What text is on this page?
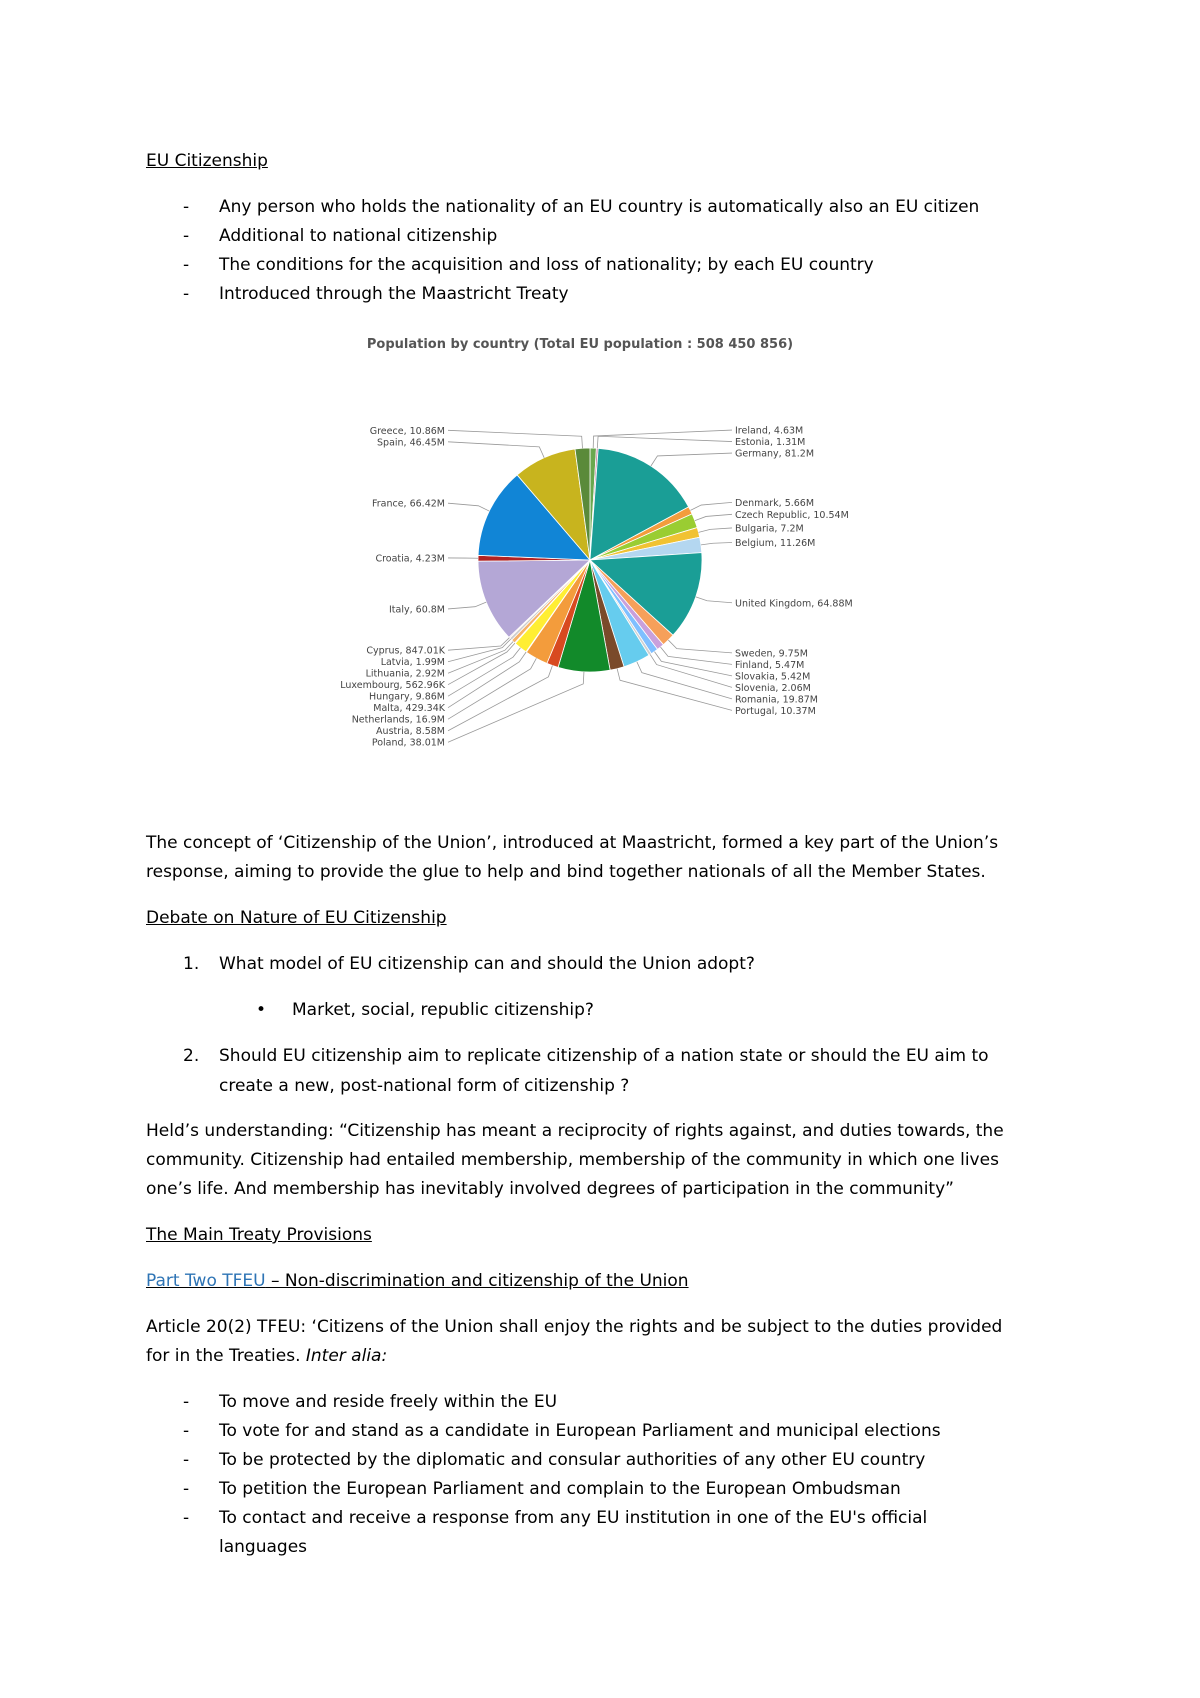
EU Citizenship
- Any person who holds the nationality of an EU country is automatically also an EU citizen
- Additional to national citizenship
- The conditions for the acquisition and loss of nationality; by each EU country
- Introduced through the Maastricht Treaty
Population by country (Total EU population : 508 450 856)
Ireland, 4.63M
Estonia, 1.31M
Germany, 81.2M
Denmark, 5.66M
Czech Republic, 10.54M
Bulgaria, 7.2M
Belgium, 11.26M
United Kingdom, 64.88M
Sweden, 9.75M
Finland, 5.47M
Slovakia, 5.42M
Slovenia, 2.06M
Romania, 19.87M
Portugal, 10.37M
Greece, 10.86M
Spain, 46.45M
France, 66.42M
Croatia, 4.23M
Italy, 60.8M
Cyprus, 847.01K
Latvia, 1.99M
Lithuania, 2.92M
Luxembourg, 562.96K
Hungary, 9.86M
Malta, 429.34K
Netherlands, 16.9M
Austria, 8.58M
Poland, 38.01M
The concept of ‘Citizenship of the Union’, introduced at Maastricht, formed a key part of the Union’s
response, aiming to provide the glue to help and bind together nationals of all the Member States.
Debate on Nature of EU Citizenship
1. What model of EU citizenship can and should the Union adopt?
• Market, social, republic citizenship?
2. Should EU citizenship aim to replicate citizenship of a nation state or should the EU aim to
create a new, post-national form of citizenship ?
Held’s understanding: “Citizenship has meant a reciprocity of rights against, and duties towards, the
community. Citizenship had entailed membership, membership of the community in which one lives
one’s life. And membership has inevitably involved degrees of participation in the community”
The Main Treaty Provisions
Part Two TFEU – Non-discrimination and citizenship of the Union
Article 20(2) TFEU: ‘Citizens of the Union shall enjoy the rights and be subject to the duties provided
for in the Treaties. Inter alia:
- To move and reside freely within the EU
- To vote for and stand as a candidate in European Parliament and municipal elections
- To be protected by the diplomatic and consular authorities of any other EU country
- To petition the European Parliament and complain to the European Ombudsman
- To contact and receive a response from any EU institution in one of the EU's official
languages
